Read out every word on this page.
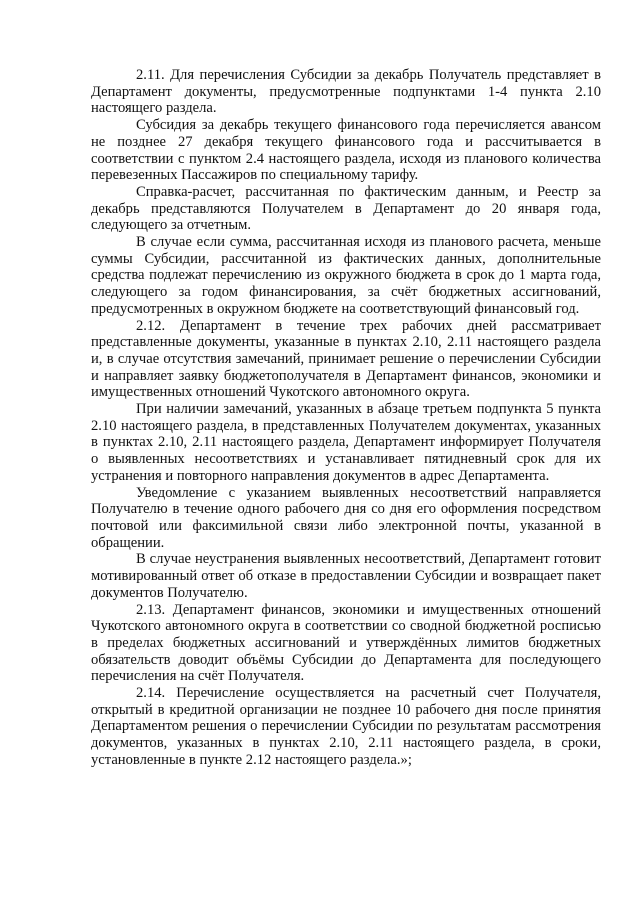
2.11. Для перечисления Субсидии за декабрь Получатель представляет в Департамент документы, предусмотренные подпунктами 1-4 пункта 2.10 настоящего раздела.

Субсидия за декабрь текущего финансового года перечисляется авансом не позднее 27 декабря текущего финансового года и рассчитывается в соответствии с пунктом 2.4 настоящего раздела, исходя из планового количества перевезенных Пассажиров по специальному тарифу.

Справка-расчет, рассчитанная по фактическим данным, и Реестр за декабрь представляются Получателем в Департамент до 20 января года, следующего за отчетным.

В случае если сумма, рассчитанная исходя из планового расчета, меньше суммы Субсидии, рассчитанной из фактических данных, дополнительные средства подлежат перечислению из окружного бюджета в срок до 1 марта года, следующего за годом финансирования, за счёт бюджетных ассигнований, предусмотренных в окружном бюджете на соответствующий финансовый год.

2.12. Департамент в течение трех рабочих дней рассматривает представленные документы, указанные в пунктах 2.10, 2.11 настоящего раздела и, в случае отсутствия замечаний, принимает решение о перечислении Субсидии и направляет заявку бюджетополучателя в Департамент финансов, экономики и имущественных отношений Чукотского автономного округа.

При наличии замечаний, указанных в абзаце третьем подпункта 5 пункта 2.10 настоящего раздела, в представленных Получателем документах, указанных в пунктах 2.10, 2.11 настоящего раздела, Департамент информирует Получателя о выявленных несоответствиях и устанавливает пятидневный срок для их устранения и повторного направления документов в адрес Департамента.

Уведомление с указанием выявленных несоответствий направляется Получателю в течение одного рабочего дня со дня его оформления посредством почтовой или факсимильной связи либо электронной почты, указанной в обращении.

В случае неустранения выявленных несоответствий, Департамент готовит мотивированный ответ об отказе в предоставлении Субсидии и возвращает пакет документов Получателю.

2.13. Департамент финансов, экономики и имущественных отношений Чукотского автономного округа в соответствии со сводной бюджетной росписью в пределах бюджетных ассигнований и утверждённых лимитов бюджетных обязательств доводит объёмы Субсидии до Департамента для последующего перечисления на счёт Получателя.

2.14. Перечисление осуществляется на расчетный счет Получателя, открытый в кредитной организации не позднее 10 рабочего дня после принятия Департаментом решения о перечислении Субсидии по результатам рассмотрения документов, указанных в пунктах 2.10, 2.11 настоящего раздела, в сроки, установленные в пункте 2.12 настоящего раздела.»;
